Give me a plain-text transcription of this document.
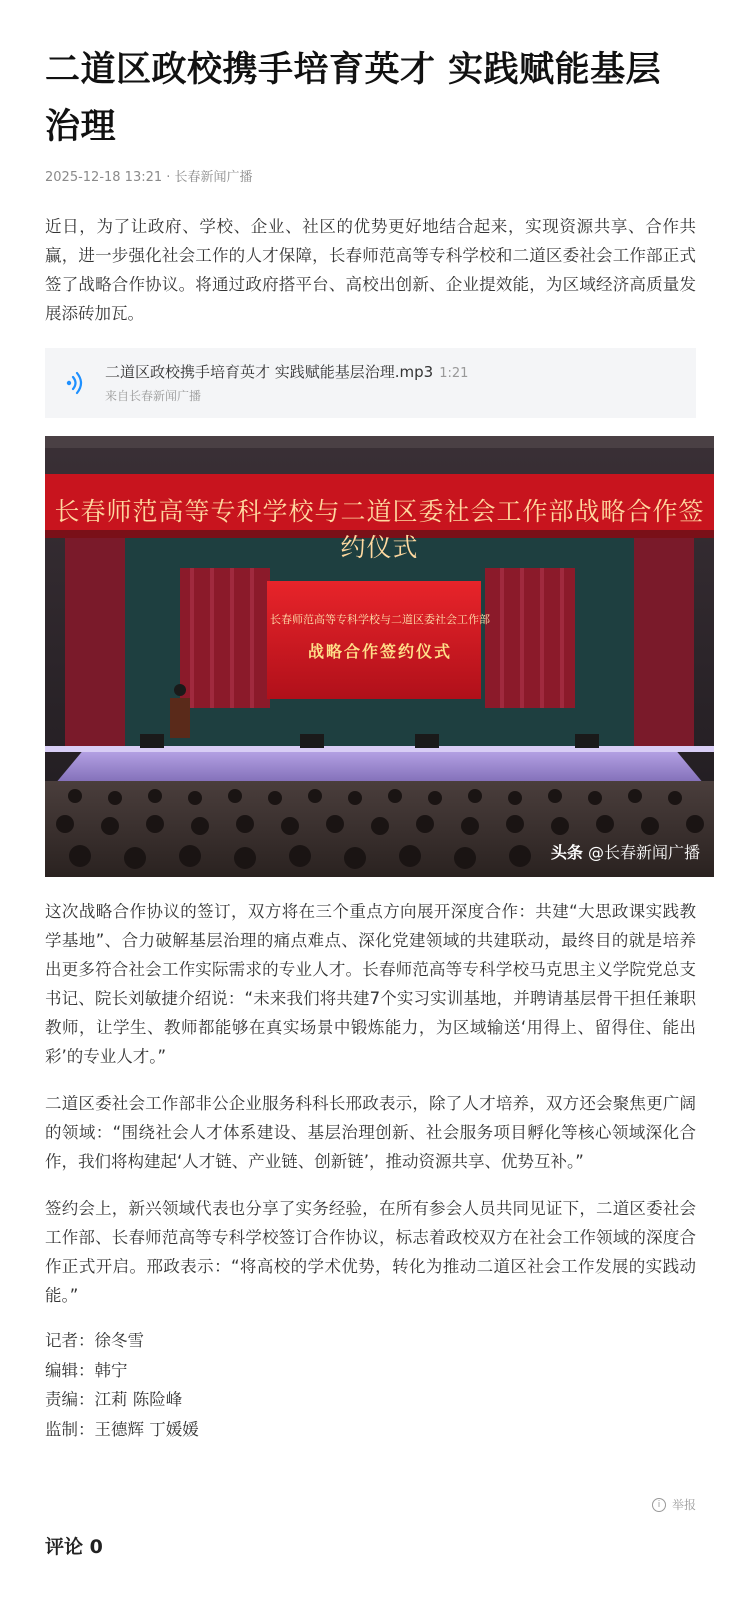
二道区政校携手培育英才 实践赋能基层治理
2025-12-18 13:21 · 长春新闻广播

近日，为了让政府、学校、企业、社区的优势更好地结合起来，实现资源共享、合作共赢，进一步强化社会工作的人才保障，长春师范高等专科学校和二道区委社会工作部正式签了战略合作协议。将通过政府搭平台、高校出创新、企业提效能，为区域经济高质量发展添砖加瓦。

二道区政校携手培育英才 实践赋能基层治理.mp3 1:21
来自长春新闻广播
长春师范高等专科学校与二道区委社会工作部战略合作签约仪式
长春师范高等专科学校与二道区委社会工作部
战略合作签约仪式
头条 @长春新闻广播

这次战略合作协议的签订，双方将在三个重点方向展开深度合作：共建“大思政课实践教学基地”、合力破解基层治理的痛点难点、深化党建领域的共建联动，最终目的就是培养出更多符合社会工作实际需求的专业人才。长春师范高等专科学校马克思主义学院党总支书记、院长刘敏捷介绍说：“未来我们将共建7个实习实训基地，并聘请基层骨干担任兼职教师，让学生、教师都能够在真实场景中锻炼能力，为区域输送‘用得上、留得住、能出彩’的专业人才。”

二道区委社会工作部非公企业服务科科长邢政表示，除了人才培养，双方还会聚焦更广阔的领域：“围绕社会人才体系建设、基层治理创新、社会服务项目孵化等核心领域深化合作，我们将构建起‘人才链、产业链、创新链’，推动资源共享、优势互补。”

签约会上，新兴领域代表也分享了实务经验，在所有参会人员共同见证下，二道区委社会工作部、长春师范高等专科学校签订合作协议，标志着政校双方在社会工作领域的深度合作正式开启。邢政表示：“将高校的学术优势，转化为推动二道区社会工作发展的实践动能。”

记者：徐冬雪
编辑：韩宁
责编：江莉 陈险峰
监制：王德辉 丁媛媛
i 举报
评论 0
